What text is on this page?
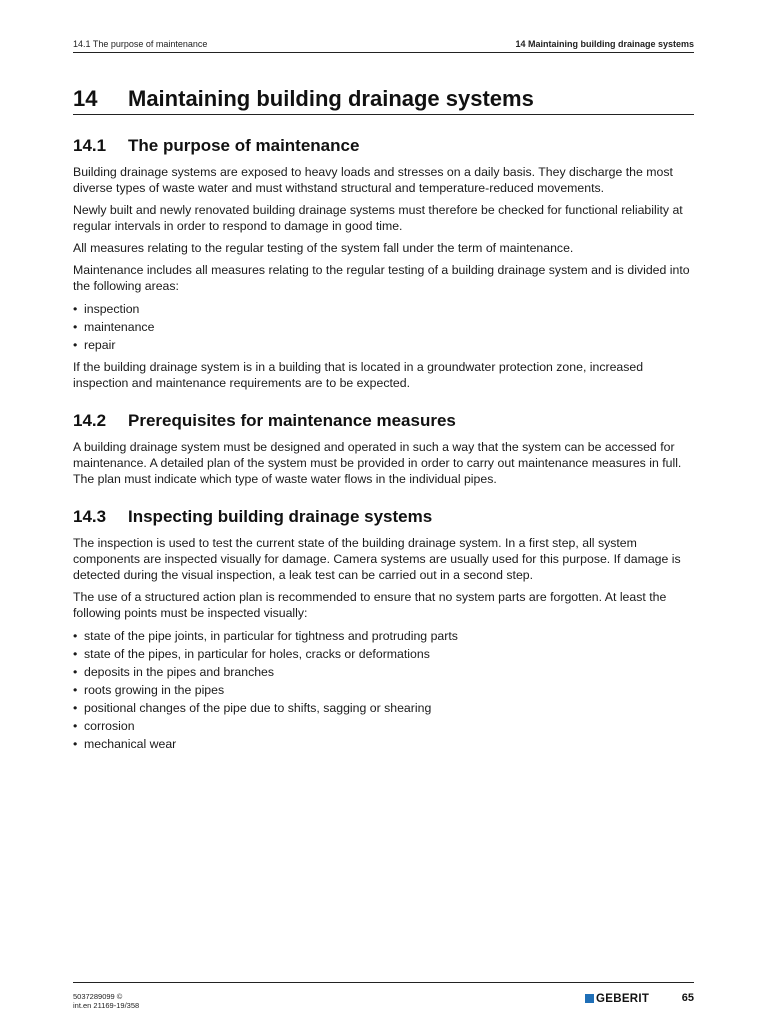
14.1 The purpose of maintenance	14 Maintaining building drainage systems
14	Maintaining building drainage systems
14.1	The purpose of maintenance

Building drainage systems are exposed to heavy loads and stresses on a daily basis. They discharge the most diverse types of waste water and must withstand structural and temperature-reduced movements.

Newly built and newly renovated building drainage systems must therefore be checked for functional reliability at regular intervals in order to respond to damage in good time.

All measures relating to the regular testing of the system fall under the term of maintenance.

Maintenance includes all measures relating to the regular testing of a building drainage system and is divided into the following areas:

• inspection
• maintenance
• repair

If the building drainage system is in a building that is located in a groundwater protection zone, increased inspection and maintenance requirements are to be expected.

14.2	Prerequisites for maintenance measures

A building drainage system must be designed and operated in such a way that the system can be accessed for maintenance. A detailed plan of the system must be provided in order to carry out maintenance measures in full. The plan must indicate which type of waste water flows in the individual pipes.

14.3	Inspecting building drainage systems

The inspection is used to test the current state of the building drainage system. In a first step, all system components are inspected visually for damage. Camera systems are usually used for this purpose. If damage is detected during the visual inspection, a leak test can be carried out in a second step.

The use of a structured action plan is recommended to ensure that no system parts are forgotten. At least the following points must be inspected visually:

• state of the pipe joints, in particular for tightness and protruding parts
• state of the pipes, in particular for holes, cracks or deformations
• deposits in the pipes and branches
• roots growing in the pipes
• positional changes of the pipe due to shifts, sagging or shearing
• corrosion
• mechanical wear
5037289099 ©
int.en 21169-19/358
GEBERIT	65
